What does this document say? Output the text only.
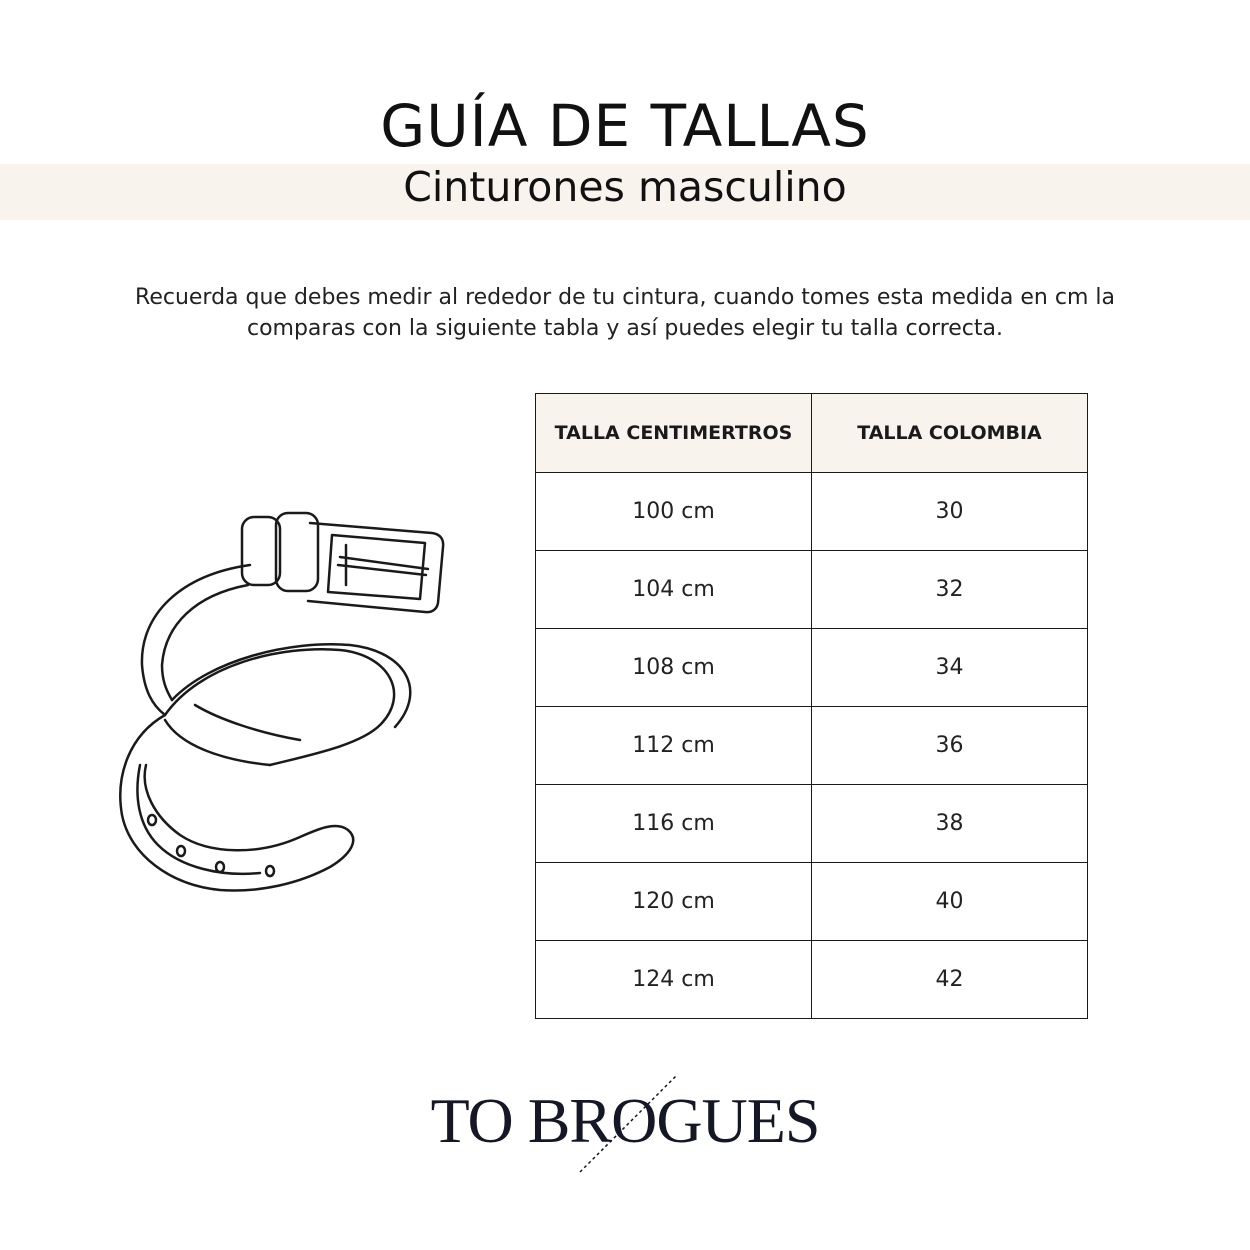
GUÍA DE TALLAS
Cinturones masculino
Recuerda que debes medir al rededor de tu cintura, cuando tomes esta medida en cm la
comparas con la siguiente tabla y así puedes elegir tu talla correcta.
TALLA CENTIMERTROS	TALLA COLOMBIA
100 cm	30
104 cm	32
108 cm	34
112 cm	36
116 cm	38
120 cm	40
124 cm	42
TO BROGUES
